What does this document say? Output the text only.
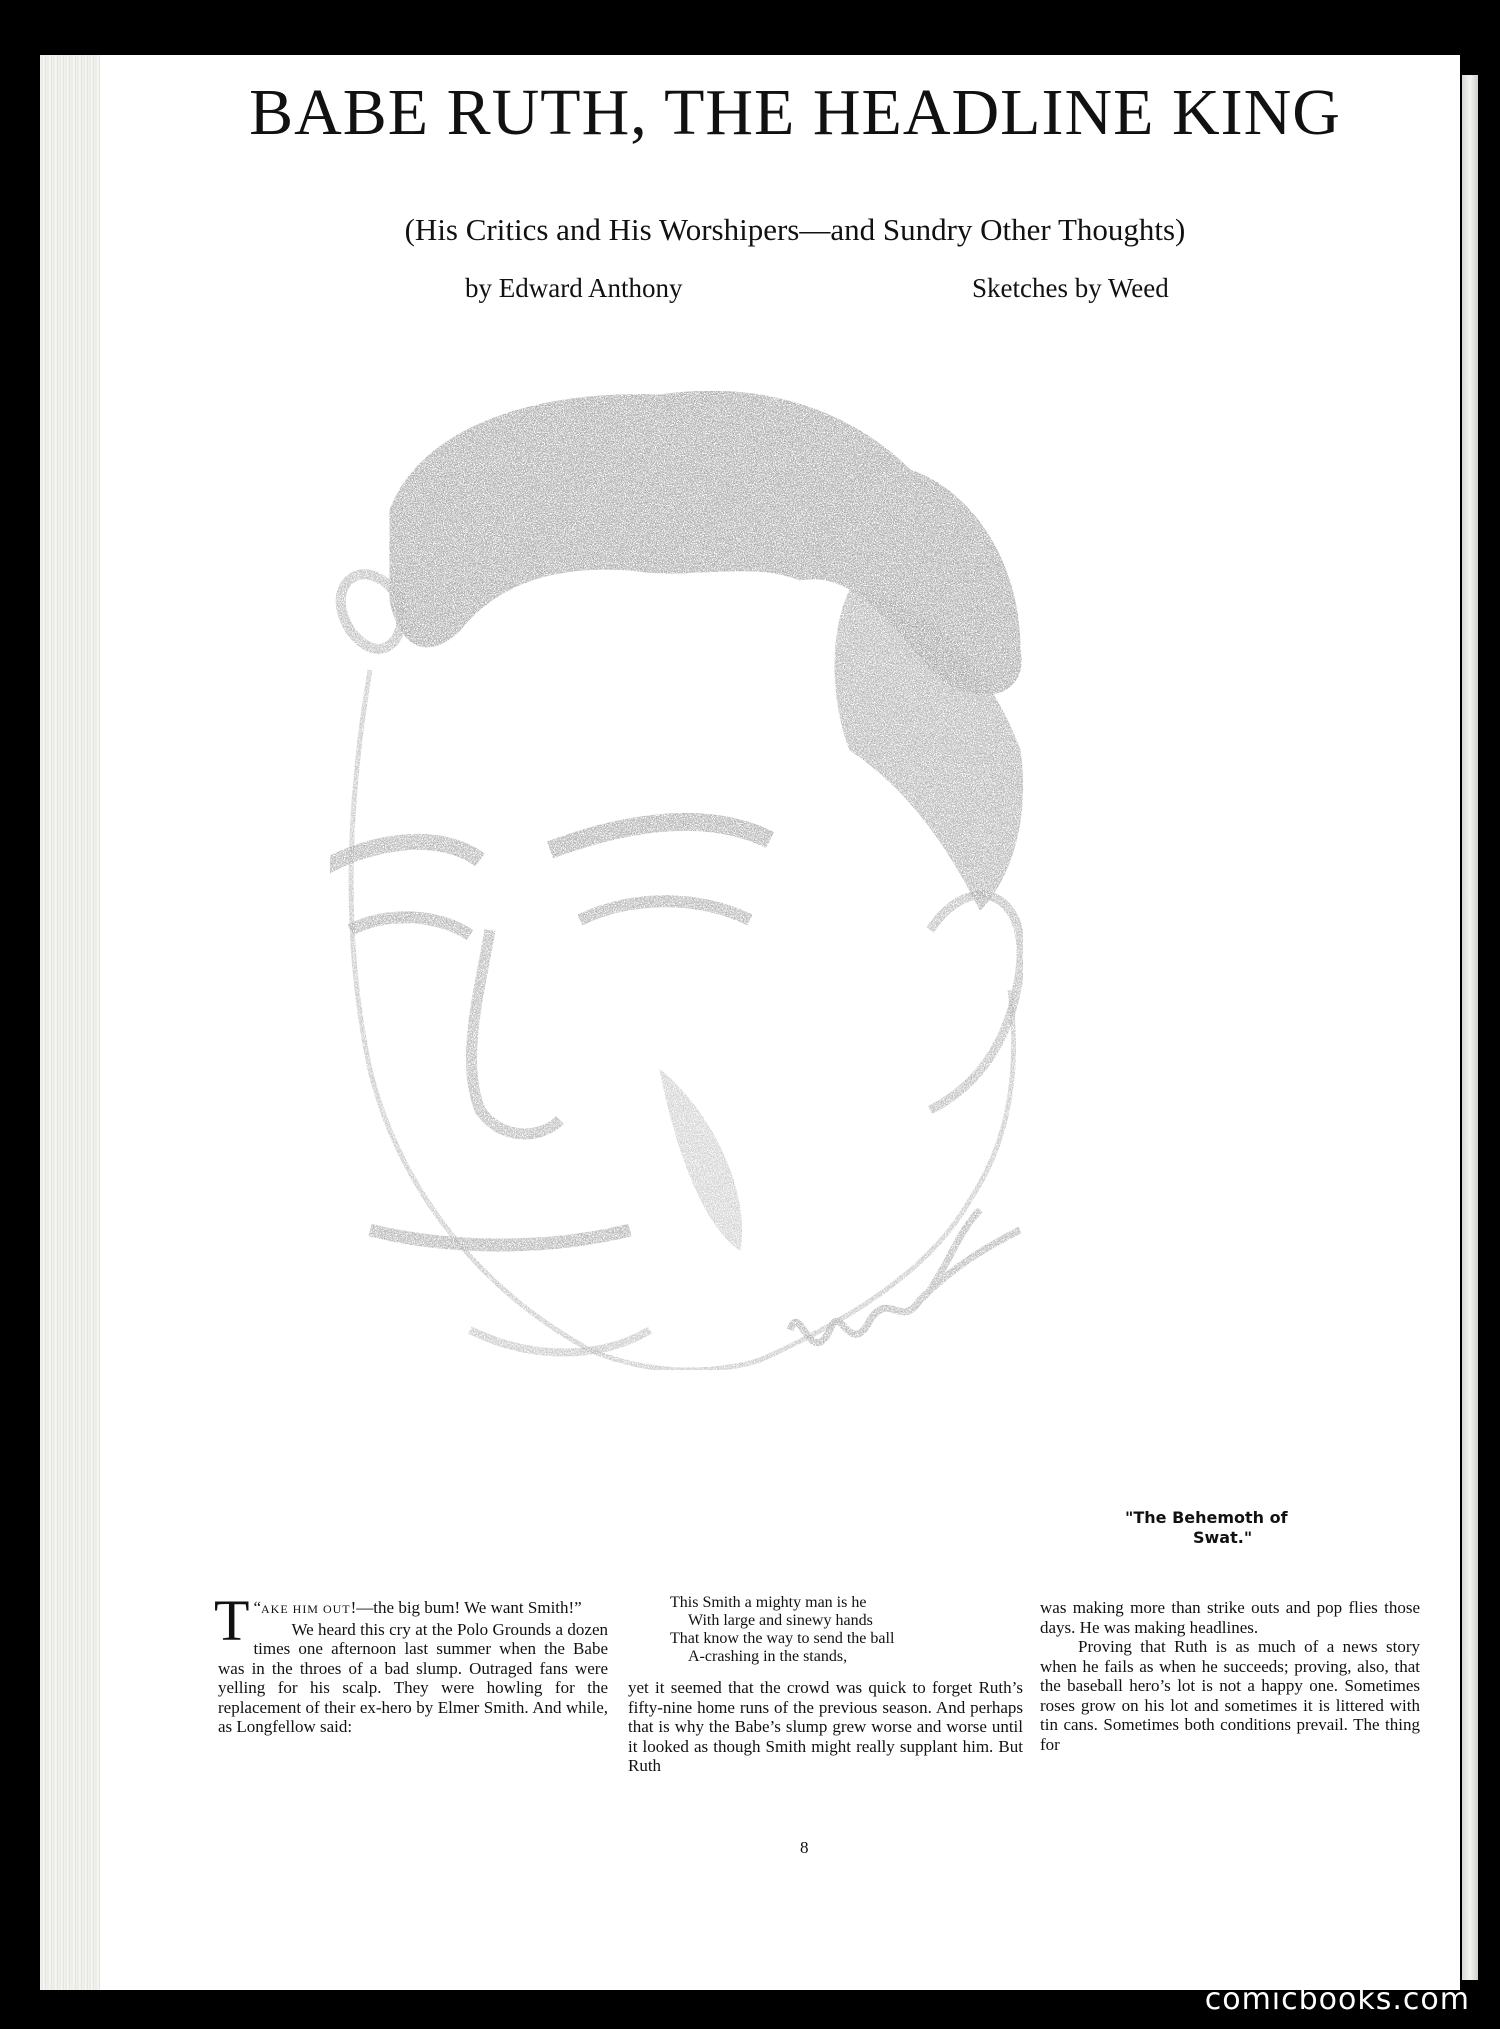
BABE RUTH, THE HEADLINE KING
(His Critics and His Worshipers—and Sundry Other Thoughts)
by Edward Anthony	Sketches by Weed
"The Behemoth of
Swat."

“
T AKE HIM OUT!—the big bum! We want Smith!”

We heard this cry at the Polo Grounds a dozen times one afternoon last summer when the Babe was in the throes of a bad slump. Outraged fans were yelling for his scalp. They were howling for the replacement of their ex-hero by Elmer Smith. And while, as Longfellow said:

This Smith a mighty man is he
With large and sinewy hands
That know the way to send the ball
A-crashing in the stands,

yet it seemed that the crowd was quick to forget Ruth’s fifty-nine home runs of the previous season. And perhaps that is why the Babe’s slump grew worse and worse until it looked as though Smith might really supplant him. But Ruth

was making more than strike outs and pop flies those days. He was making headlines.

Proving that Ruth is as much of a news story when he fails as when he succeeds; proving, also, that the baseball hero’s lot is not a happy one. Sometimes roses grow on his lot and sometimes it is littered with tin cans. Sometimes both conditions prevail. The thing for

8
comicbooks.com
